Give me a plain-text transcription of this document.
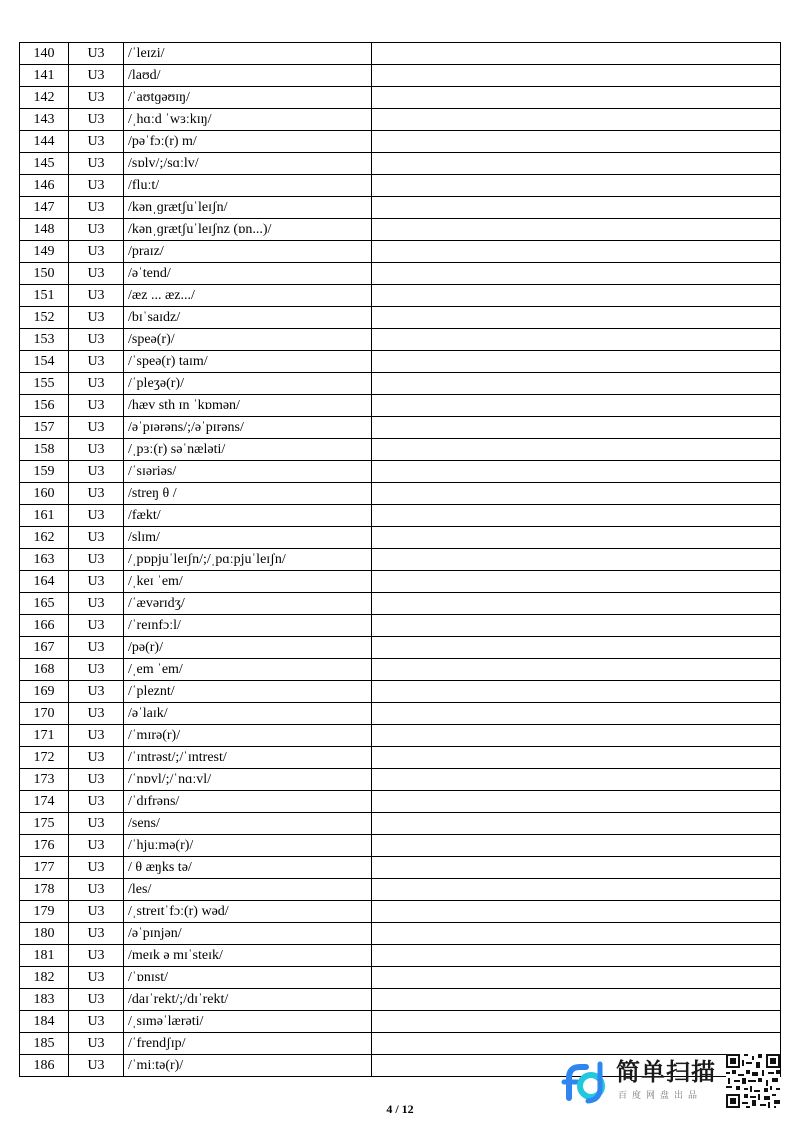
140	U3	/ˈleɪzi/	
141	U3	/laʊd/	
142	U3	/ˈaʊtɡəʊɪŋ/	
143	U3	/ˌhɑːd ˈwɜːkɪŋ/	
144	U3	/pəˈfɔː(r) m/	
145	U3	/sɒlv/;/sɑːlv/	
146	U3	/fluːt/	
147	U3	/kənˌɡrætʃuˈleɪʃn/	
148	U3	/kənˌɡrætʃuˈleɪʃnz (ɒn...)/	
149	U3	/praɪz/	
150	U3	/əˈtend/	
151	U3	/æz ... æz.../	
152	U3	/bɪˈsaɪdz/	
153	U3	/speə(r)/	
154	U3	/ˈspeə(r) taɪm/	
155	U3	/ˈpleʒə(r)/	
156	U3	/hæv sth ɪn ˈkɒmən/	
157	U3	/əˈpɪərəns/;/əˈpɪrəns/	
158	U3	/ˌpɜː(r) səˈnæləti/	
159	U3	/ˈsɪəriəs/	
160	U3	/streŋ θ /	
161	U3	/fækt/	
162	U3	/slɪm/	
163	U3	/ˌpɒpjuˈleɪʃn/;/ˌpɑːpjuˈleɪʃn/	
164	U3	/ˌkeɪ ˈem/	
165	U3	/ˈævərɪdʒ/	
166	U3	/ˈreɪnfɔːl/	
167	U3	/pə(r)/	
168	U3	/ˌem ˈem/	
169	U3	/ˈpleznt/	
170	U3	/əˈlaɪk/	
171	U3	/ˈmɪrə(r)/	
172	U3	/ˈɪntrəst/;/ˈɪntrest/	
173	U3	/ˈnɒvl/;/ˈnɑːvl/	
174	U3	/ˈdɪfrəns/	
175	U3	/sens/	
176	U3	/ˈhjuːmə(r)/	
177	U3	/ θ æŋks tə/	
178	U3	/les/	
179	U3	/ˌstreɪtˈfɔː(r) wəd/	
180	U3	/əˈpɪnjən/	
181	U3	/meɪk ə mɪˈsteɪk/	
182	U3	/ˈɒnɪst/	
183	U3	/daɪˈrekt/;/dɪˈrekt/	
184	U3	/ˌsɪməˈlærəti/	
185	U3	/ˈfrendʃɪp/	
186	U3	/ˈmiːtə(r)/	
4 / 12
简单扫描
百度网盘出品
